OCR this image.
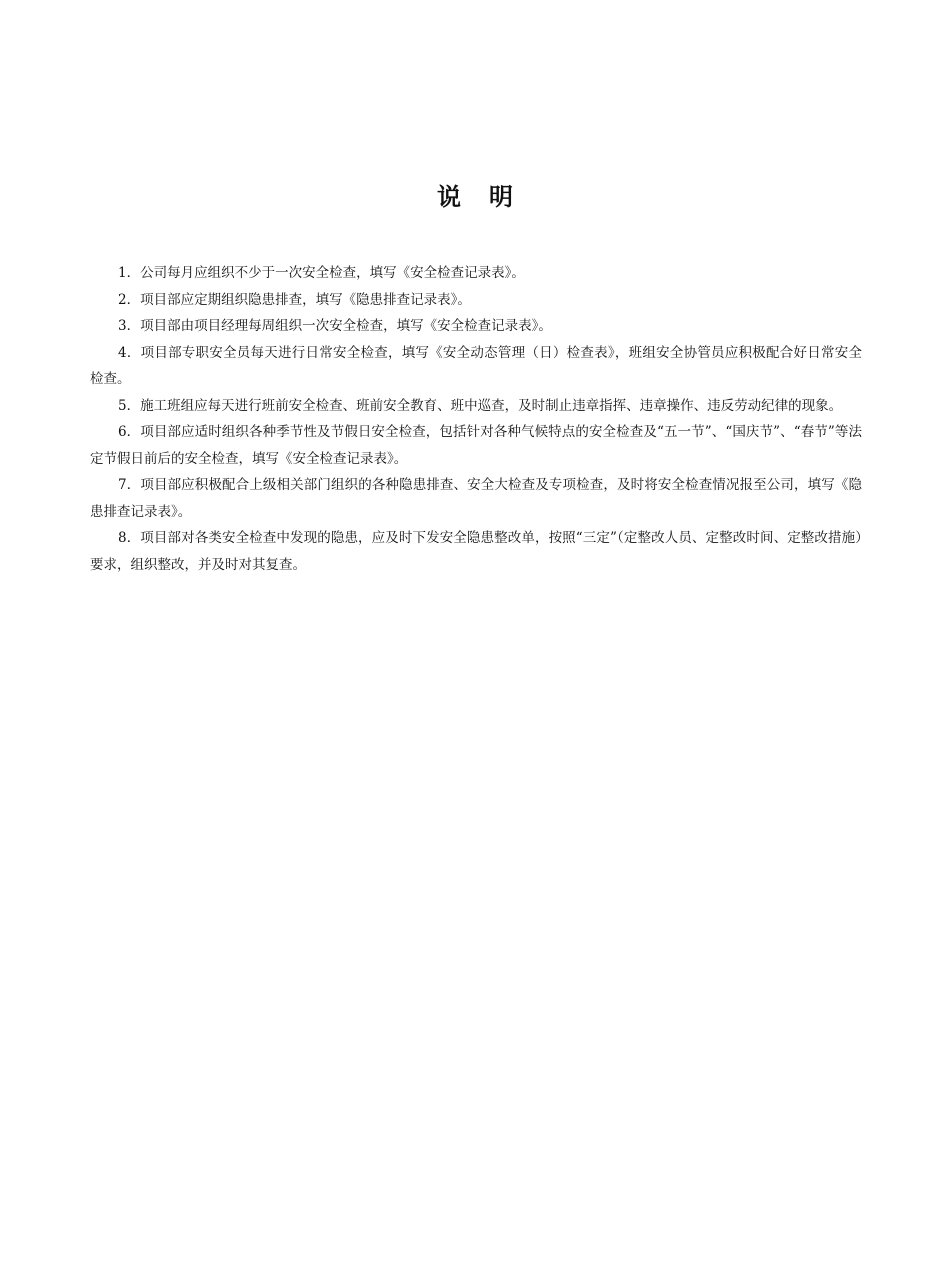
说明

1．公司每月应组织不少于一次安全检查，填写《安全检查记录表》。

2．项目部应定期组织隐患排查，填写《隐患排查记录表》。

3．项目部由项目经理每周组织一次安全检查，填写《安全检查记录表》。

4．项目部专职安全员每天进行日常安全检查，填写《安全动态管理（日）检查表》，班组安全协管员应积极配合好日常安全检查。

5．施工班组应每天进行班前安全检查、班前安全教育、班中巡查，及时制止违章指挥、违章操作、违反劳动纪律的现象。

6．项目部应适时组织各种季节性及节假日安全检查，包括针对各种气候特点的安全检查及“五一节”、“国庆节”、“春节”等法定节假日前后的安全检查，填写《安全检查记录表》。

7．项目部应积极配合上级相关部门组织的各种隐患排查、安全大检查及专项检查，及时将安全检查情况报至公司，填写《隐患排查记录表》。

8．项目部对各类安全检查中发现的隐患，应及时下发安全隐患整改单，按照“三定”（定整改人员、定整改时间、定整改措施）要求，组织整改，并及时对其复查。
